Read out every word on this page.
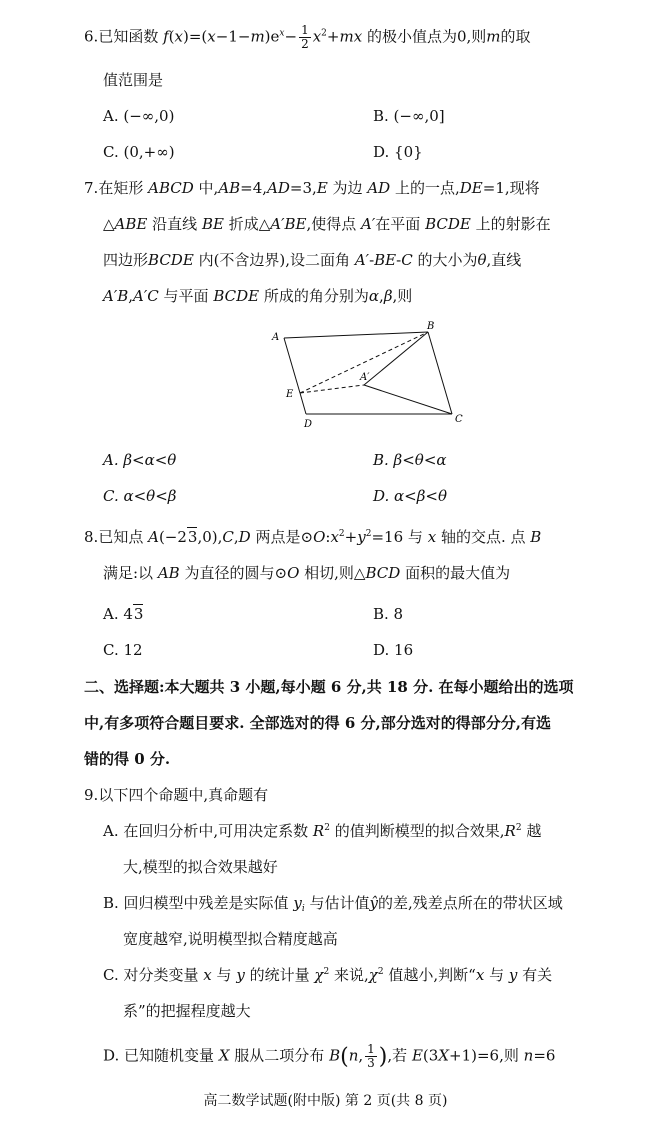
6.已知函数 $f(x)=(x-1-m)e^x- \frac{1}{2} x^2+mx$ 的极小值点为0,则m的取
值范围是
A. (−∞,0)	B. (−∞,0]
C. (0,+∞)	D. {0}
7.在矩形 ABCD 中,AB=4,AD=3,E 为边 AD 上的一点,DE=1,现将
△ABE 沿直线 BE 折成△A′BE,使得点 A′在平面 BCDE 上的射影在
四边形BCDE 内(不含边界),设二面角 A′‑BE‑C 的大小为θ,直线
A′B,A′C 与平面 BCDE 所成的角分别为α,β,则
A
B
A′
E
D	C
A. β<α<θ	B. β<θ<α
C. α<θ<β	D. α<β<θ
8.已知点 A(−23,0),C,D 两点是$⊙O:x^2+y^2=16$ 与 x 轴的交点. 点 B
满足:以 AB 为直径的圆与⊙O 相切,则△BCD 面积的最大值为
A. 43	B. 8
C. 12	D. 16
二、选择题:本大题共 3 小题,每小题 6 分,共 18 分. 在每小题给出的选项
中,有多项符合题目要求. 全部选对的得 6 分,部分选对的得部分分,有选
错的得 0 分.
9.以下四个命题中,真命题有
A. 在回归分析中,可用决定系数 $R^2$ 的值判断模型的拟合效果$,R^2$ 越
大,模型的拟合效果越好
B. 回归模型中残差是实际值 $y_i$ 与估计值ŷ的差,残差点所在的带状区域
宽度越窄,说明模型拟合精度越高
C. 对分类变量 x 与 y 的统计量 $\chi^2$ 来说$,\chi^2$ 值越小,判断“x 与 y 有关
系”的把握程度越大
D. 已知随机变量 X 服从二项分布 B(n, $\frac{1}{3}$ ),若 E(3X+1)=6,则 n=6
高二数学试题(附中版) 第 2 页(共 8 页)
